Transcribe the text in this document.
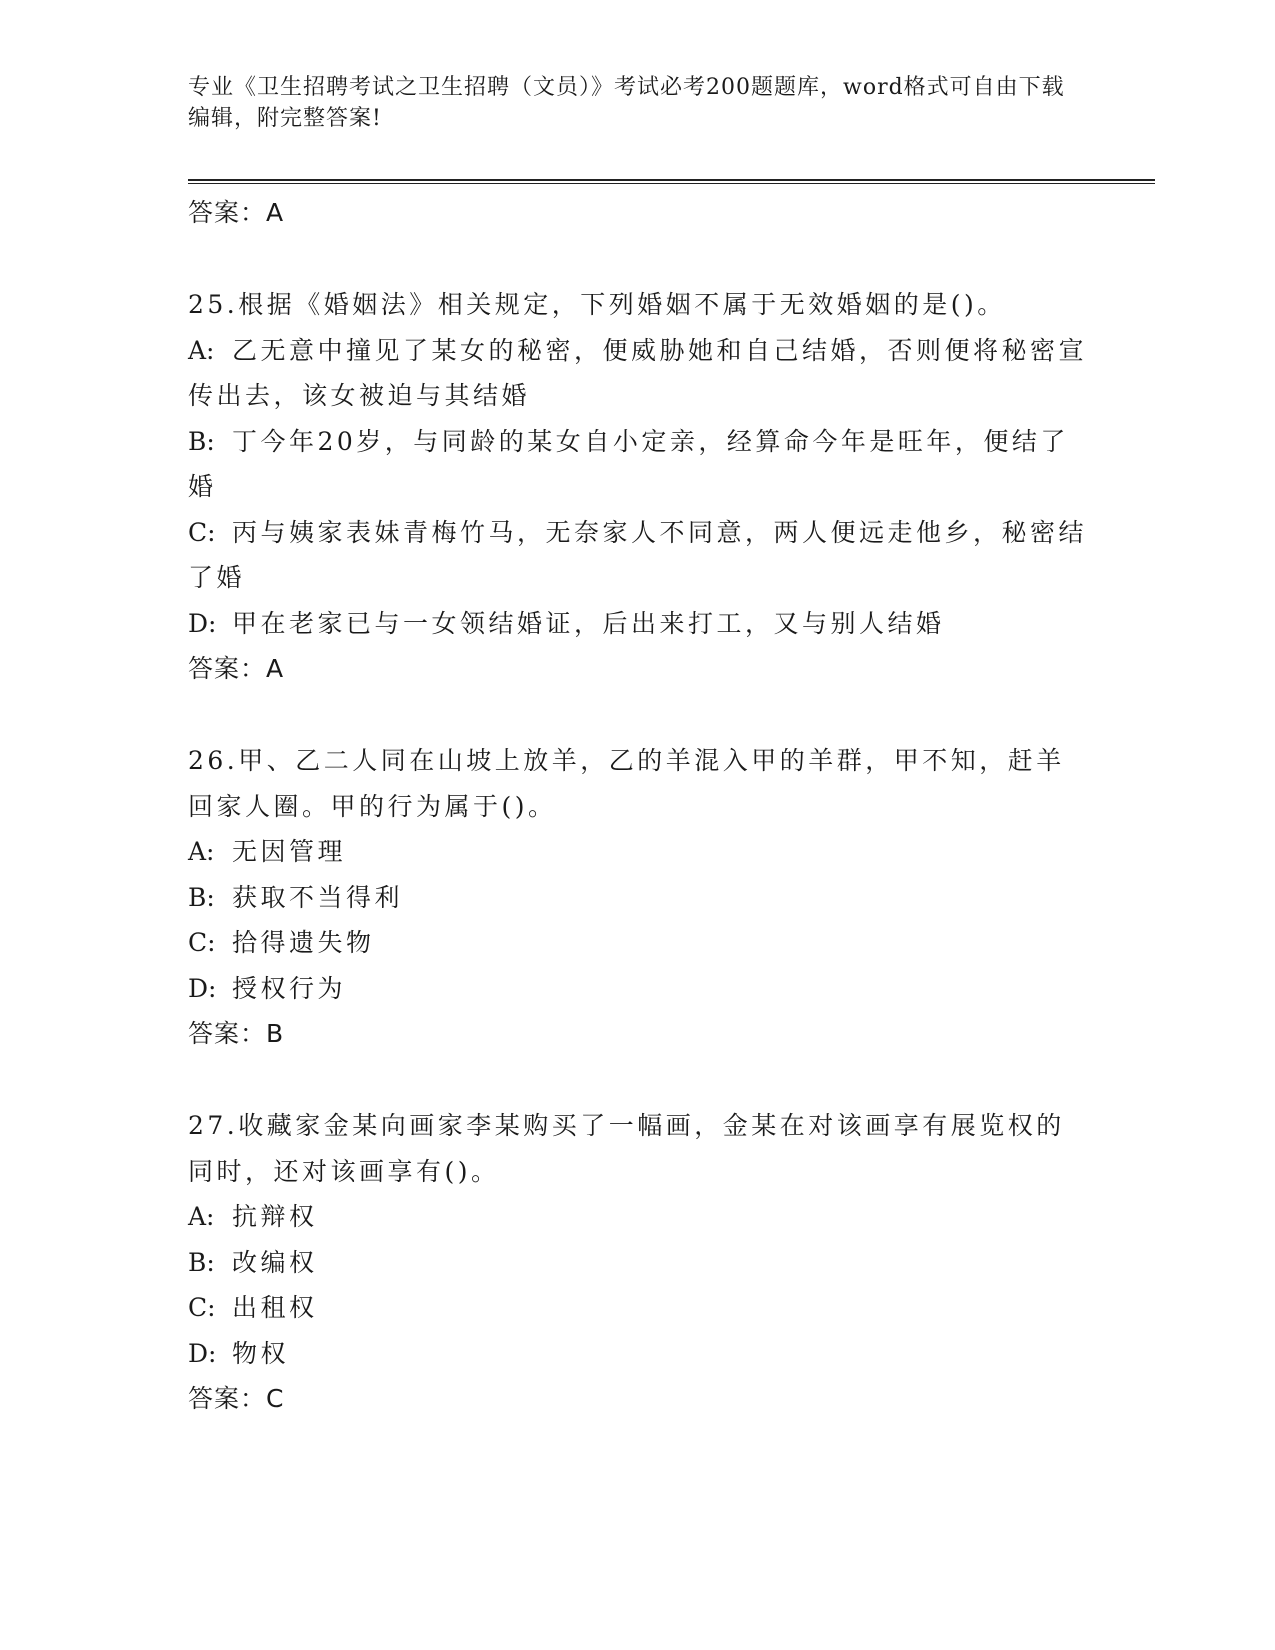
专业《卫生招聘考试之卫生招聘（文员）》考试必考200题题库，word格式可自由下载编辑，附完整答案!
答案：A

25.根据《婚姻法》相关规定，下列婚姻不属于无效婚姻的是()。

A: 乙无意中撞见了某女的秘密，便威胁她和自己结婚，否则便将秘密宣传出去，该女被迫与其结婚

B: 丁今年20岁，与同龄的某女自小定亲，经算命今年是旺年，便结了婚

C: 丙与姨家表妹青梅竹马，无奈家人不同意，两人便远走他乡，秘密结了婚

D: 甲在老家已与一女领结婚证，后出来打工，又与别人结婚

答案：A

26.甲、乙二人同在山坡上放羊，乙的羊混入甲的羊群，甲不知，赶羊回家人圈。甲的行为属于()。

A: 无因管理

B: 获取不当得利

C: 拾得遗失物

D: 授权行为

答案：B

27.收藏家金某向画家李某购买了一幅画，金某在对该画享有展览权的同时，还对该画享有()。

A: 抗辩权

B: 改编权

C: 出租权

D: 物权

答案：C
